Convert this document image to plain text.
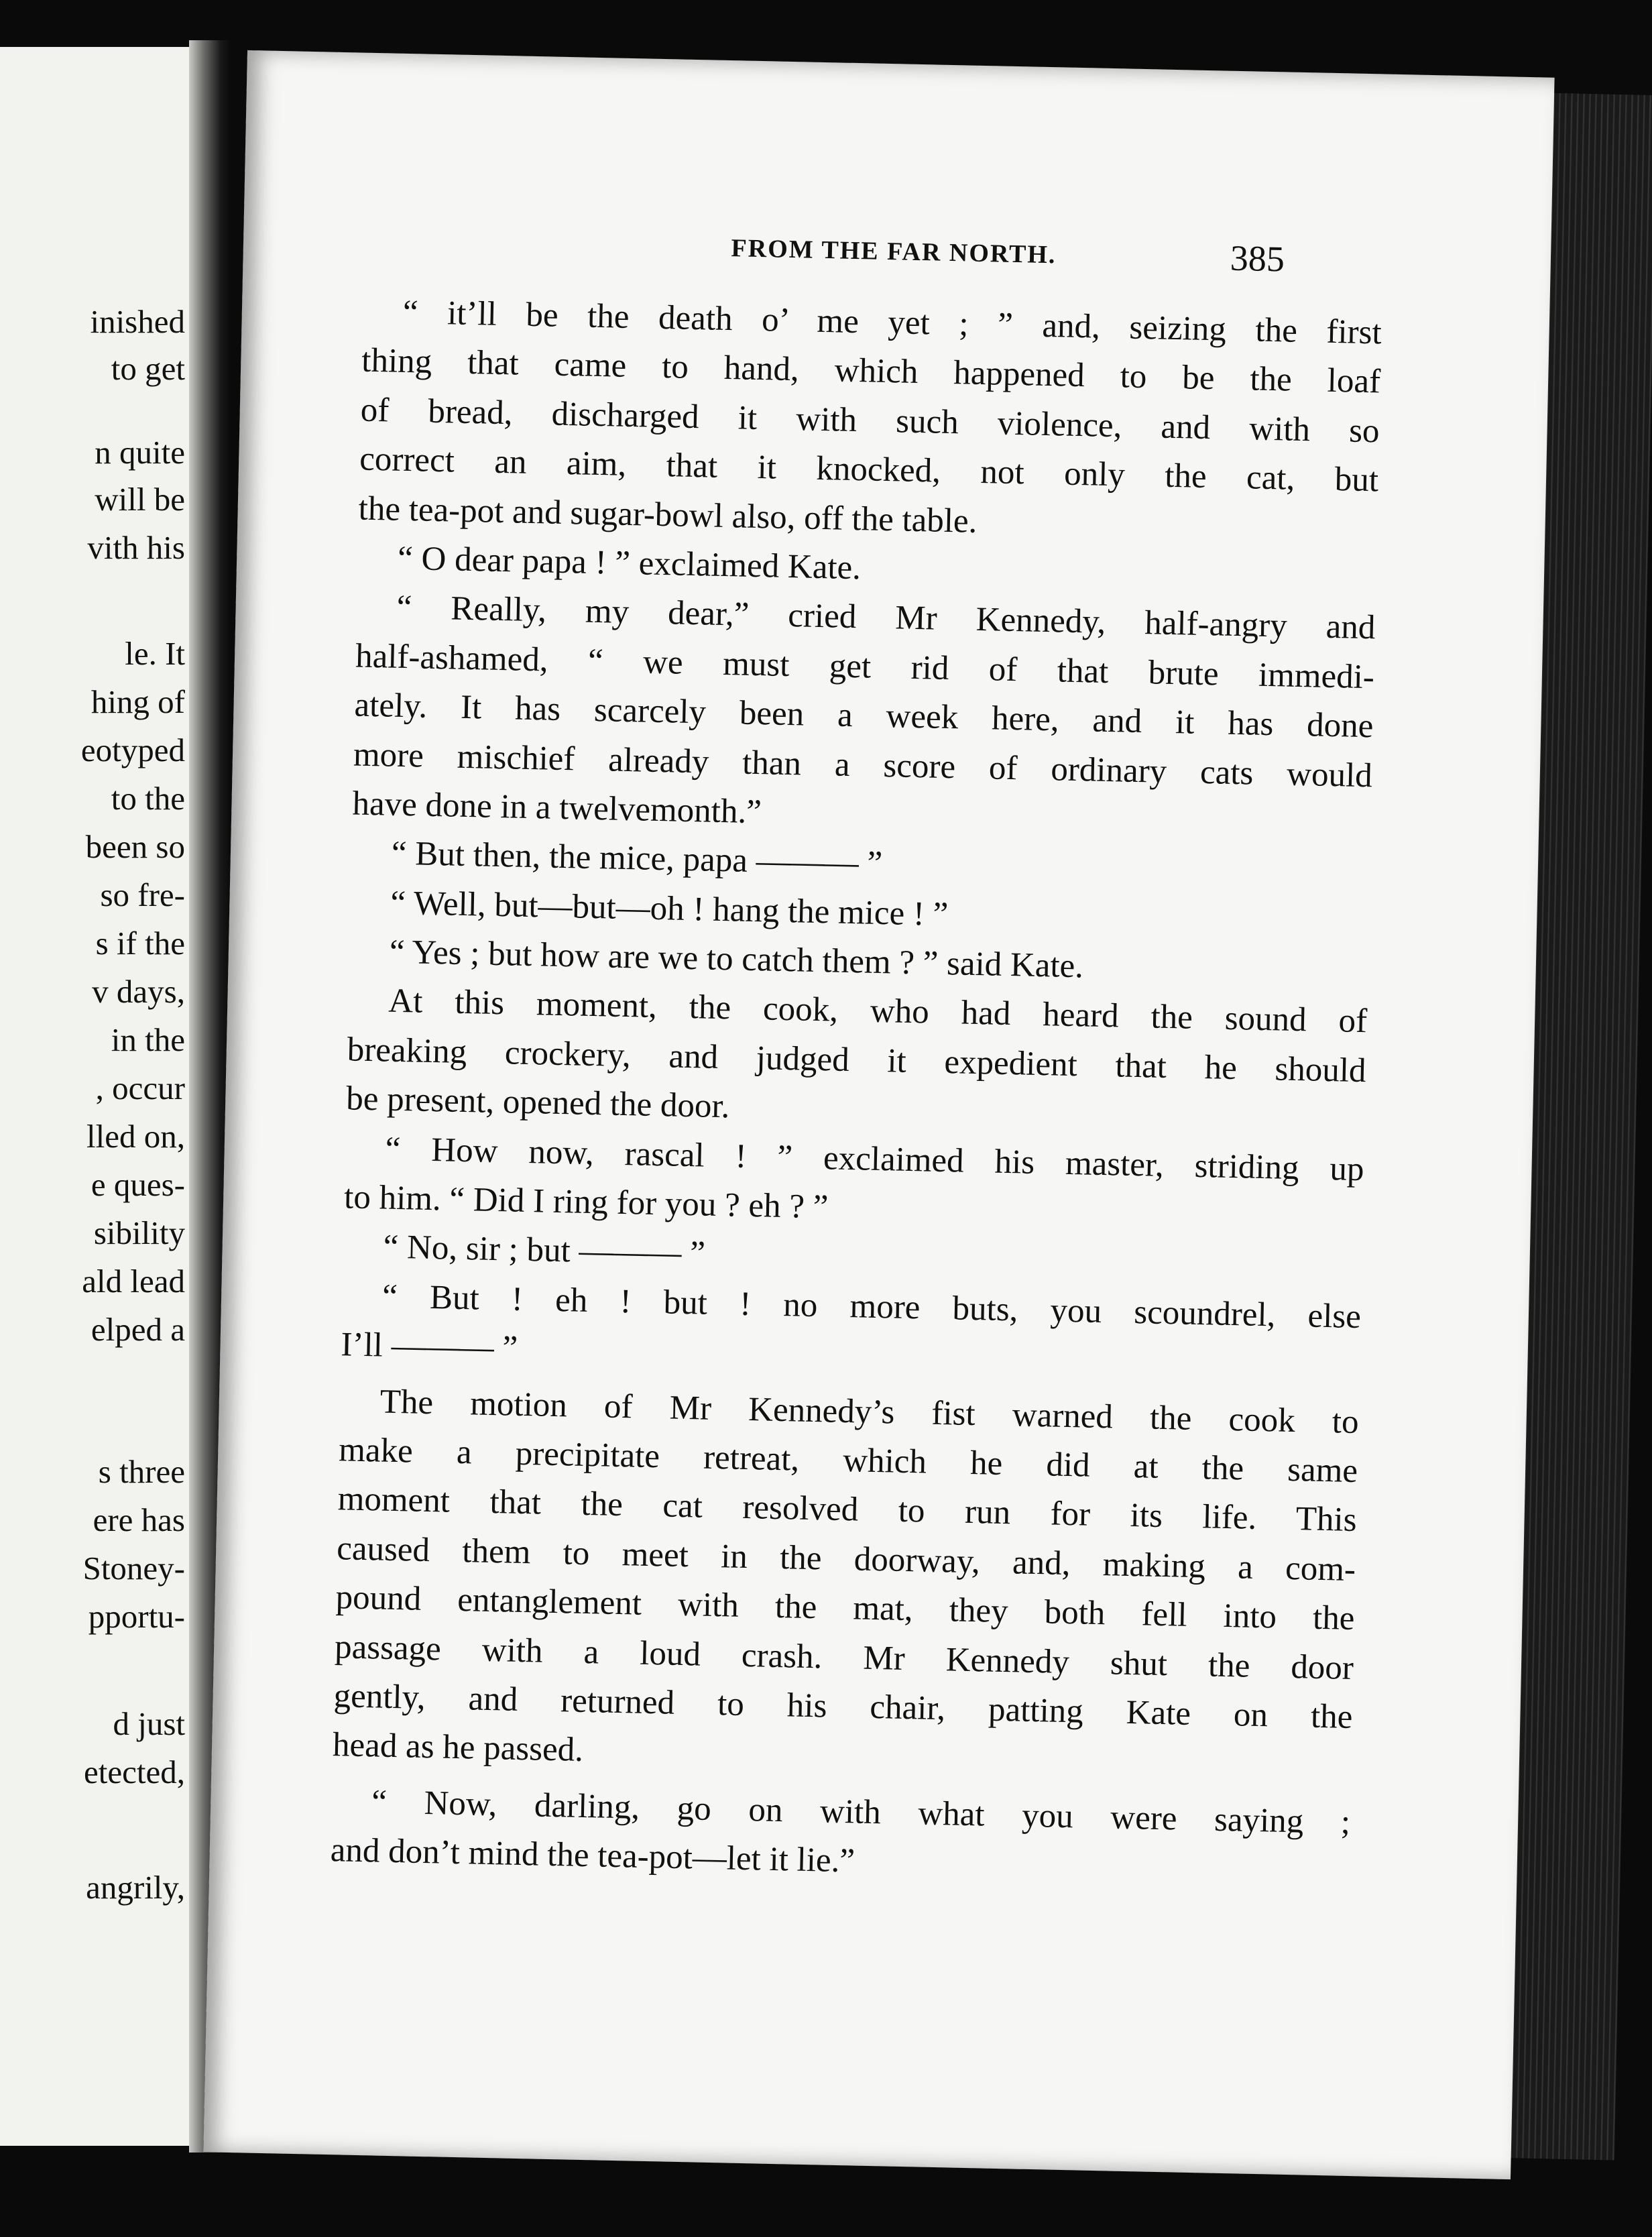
inished
to get
n quite
will be
vith his
le. It
hing of
eotyped
to the
been so
so fre-
s if the
v days,
in the
, occur
lled on,
e ques-
sibility
ald lead
elped a
s three
ere has
Stoney-
pportu-
d just
etected,
angrily,
FROM THE FAR NORTH.	385
“ it’ll be the death o’ me yet ; ” and, seizing the first
thing that came to hand, which happened to be the loaf
of bread, discharged it with such violence, and with so
correct an aim, that it knocked, not only the cat, but
the tea-pot and sugar-bowl also, off the table.
“ O dear papa ! ” exclaimed Kate.
“ Really, my dear,” cried Mr Kennedy, half-angry and
half-ashamed, “ we must get rid of that brute immedi-
ately. It has scarcely been a week here, and it has done
more mischief already than a score of ordinary cats would
have done in a twelvemonth.”
“ But then, the mice, papa ——— ”
“ Well, but—but—oh ! hang the mice ! ”
“ Yes ; but how are we to catch them ? ” said Kate.
At this moment, the cook, who had heard the sound of
breaking crockery, and judged it expedient that he should
be present, opened the door.
“ How now, rascal ! ” exclaimed his master, striding up
to him. “ Did I ring for you ? eh ? ”
“ No, sir ; but ——— ”
“ But ! eh ! but ! no more buts, you scoundrel, else
I’ll ——— ”
The motion of Mr Kennedy’s fist warned the cook to
make a precipitate retreat, which he did at the same
moment that the cat resolved to run for its life. This
caused them to meet in the doorway, and, making a com-
pound entanglement with the mat, they both fell into the
passage with a loud crash. Mr Kennedy shut the door
gently, and returned to his chair, patting Kate on the
head as he passed.
“ Now, darling, go on with what you were saying ;
and don’t mind the tea-pot—let it lie.”
